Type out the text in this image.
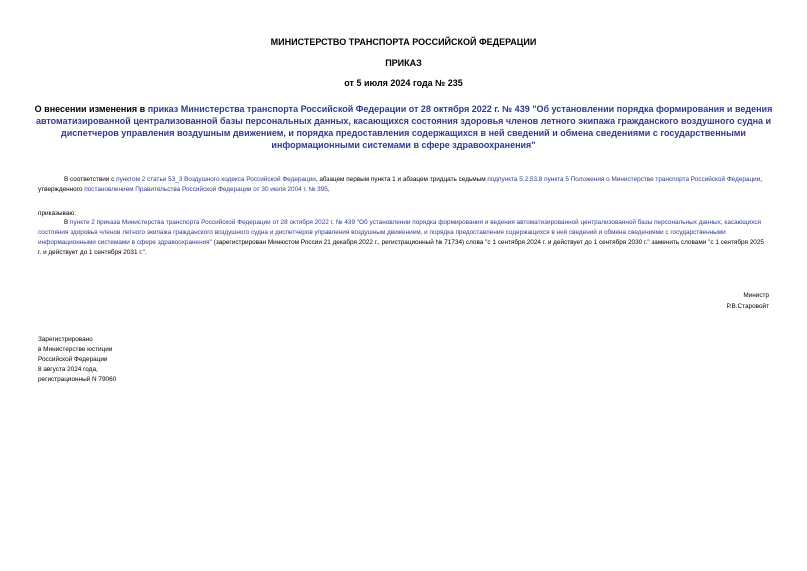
МИНИСТЕРСТВО ТРАНСПОРТА РОССИЙСКОЙ ФЕДЕРАЦИИ
ПРИКАЗ
от 5 июля 2024 года № 235
О внесении изменения в приказ Министерства транспорта Российской Федерации от 28 октября 2022 г. № 439 "Об установлении порядка формирования и ведения автоматизированной централизованной базы персональных данных, касающихся состояния здоровья членов летного экипажа гражданского воздушного судна и диспетчеров управления воздушным движением, и порядка предоставления содержащихся в ней сведений и обмена сведениями с государственными информационными системами в сфере здравоохранения"
В соответствии с пунктом 2 статьи 53_3 Воздушного кодекса Российской Федерации, абзацем первым пункта 1 и абзацем тридцать седьмым подпункта 5.2.53.8 пункта 5 Положения о Министерстве транспорта Российской Федерации, утвержденного постановлением Правительства Российской Федерации от 30 июля 2004 г. № 395,
приказываю:
В пункте 2 приказа Министерства транспорта Российской Федерации от 28 октября 2022 г. № 439 "Об установлении порядка формирования и ведения автоматизированной централизованной базы персональных данных, касающихся состояния здоровья членов летного экипажа гражданского воздушного судна и диспетчеров управления воздушным движением, и порядка предоставления содержащихся в ней сведений и обмена сведениями с государственными информационными системами в сфере здравоохранения" (зарегистрирован Минюстом России 21 декабря 2022 г., регистрационный № 71734) слова "с 1 сентября 2024 г. и действует до 1 сентября 2030 г." заменить словами "с 1 сентября 2025 г. и действует до 1 сентября 2031 г.".
Министр
Р.В.Старовойт
Зарегистрировано
в Министерстве юстиции
Российской Федерации
8 августа 2024 года,
регистрационный N 79060
